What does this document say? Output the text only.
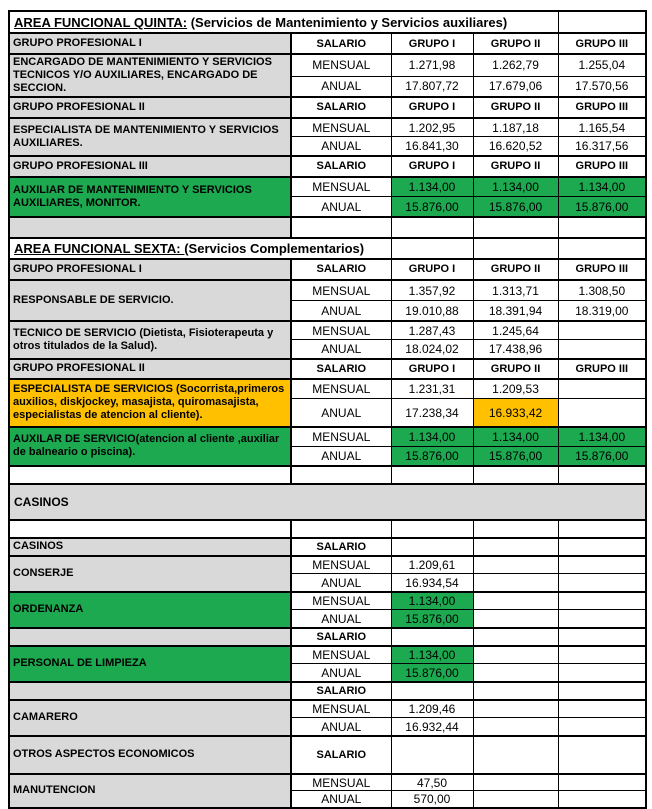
AREA FUNCIONAL QUINTA: (Servicios de Mantenimiento y Servicios auxiliares)				
GRUPO PROFESIONAL I	SALARIO	GRUPO I	GRUPO II	GRUPO III
ENCARGADO DE MANTENIMIENTO Y SERVICIOS TECNICOS Y/O AUXILIARES, ENCARGADO DE SECCION.	MENSUAL	1.271,98	1.262,79	1.255,04
	ANUAL	17.807,72	17.679,06	17.570,56
GRUPO PROFESIONAL II	SALARIO	GRUPO I	GRUPO II	GRUPO III
ESPECIALISTA DE MANTENIMIENTO Y SERVICIOS AUXILIARES.	MENSUAL	1.202,95	1.187,18	1.165,54
	ANUAL	16.841,30	16.620,52	16.317,56
GRUPO PROFESIONAL III	SALARIO	GRUPO I	GRUPO II	GRUPO III
AUXILIAR DE MANTENIMIENTO Y SERVICIOS AUXILIARES, MONITOR.	MENSUAL	1.134,00	1.134,00	1.134,00
	ANUAL	15.876,00	15.876,00	15.876,00

AREA FUNCIONAL SEXTA: (Servicios Complementarios)				
GRUPO PROFESIONAL I	SALARIO	GRUPO I	GRUPO II	GRUPO III
RESPONSABLE DE SERVICIO.	MENSUAL	1.357,92	1.313,71	1.308,50
	ANUAL	19.010,88	18.391,94	18.319,00
TECNICO DE SERVICIO (Dietista, Fisioterapeuta y otros titulados de la Salud).	MENSUAL	1.287,43	1.245,64	
	ANUAL	18.024,02	17.438,96	
GRUPO PROFESIONAL II	SALARIO	GRUPO I	GRUPO II	GRUPO III
ESPECIALISTA DE SERVICIOS (Socorrista,primeros auxilios, diskjockey, masajista, quiromasajista, especialistas de atencion al cliente).	MENSUAL	1.231,31	1.209,53	
	ANUAL	17.238,34	16.933,42	
AUXILAR DE SERVICIO(atencion al cliente ,auxiliar de balneario o piscina).	MENSUAL	1.134,00	1.134,00	1.134,00
	ANUAL	15.876,00	15.876,00	15.876,00

CASINOS				

CASINOS	SALARIO			
CONSERJE	MENSUAL	1.209,61		
	ANUAL	16.934,54		
ORDENANZA	MENSUAL	1.134,00		
	ANUAL	15.876,00		
	SALARIO			
PERSONAL DE LIMPIEZA	MENSUAL	1.134,00		
	ANUAL	15.876,00		
	SALARIO			
CAMARERO	MENSUAL	1.209,46		
	ANUAL	16.932,44		
OTROS ASPECTOS ECONOMICOS	SALARIO			
MANUTENCION	MENSUAL	47,50		
	ANUAL	570,00		
